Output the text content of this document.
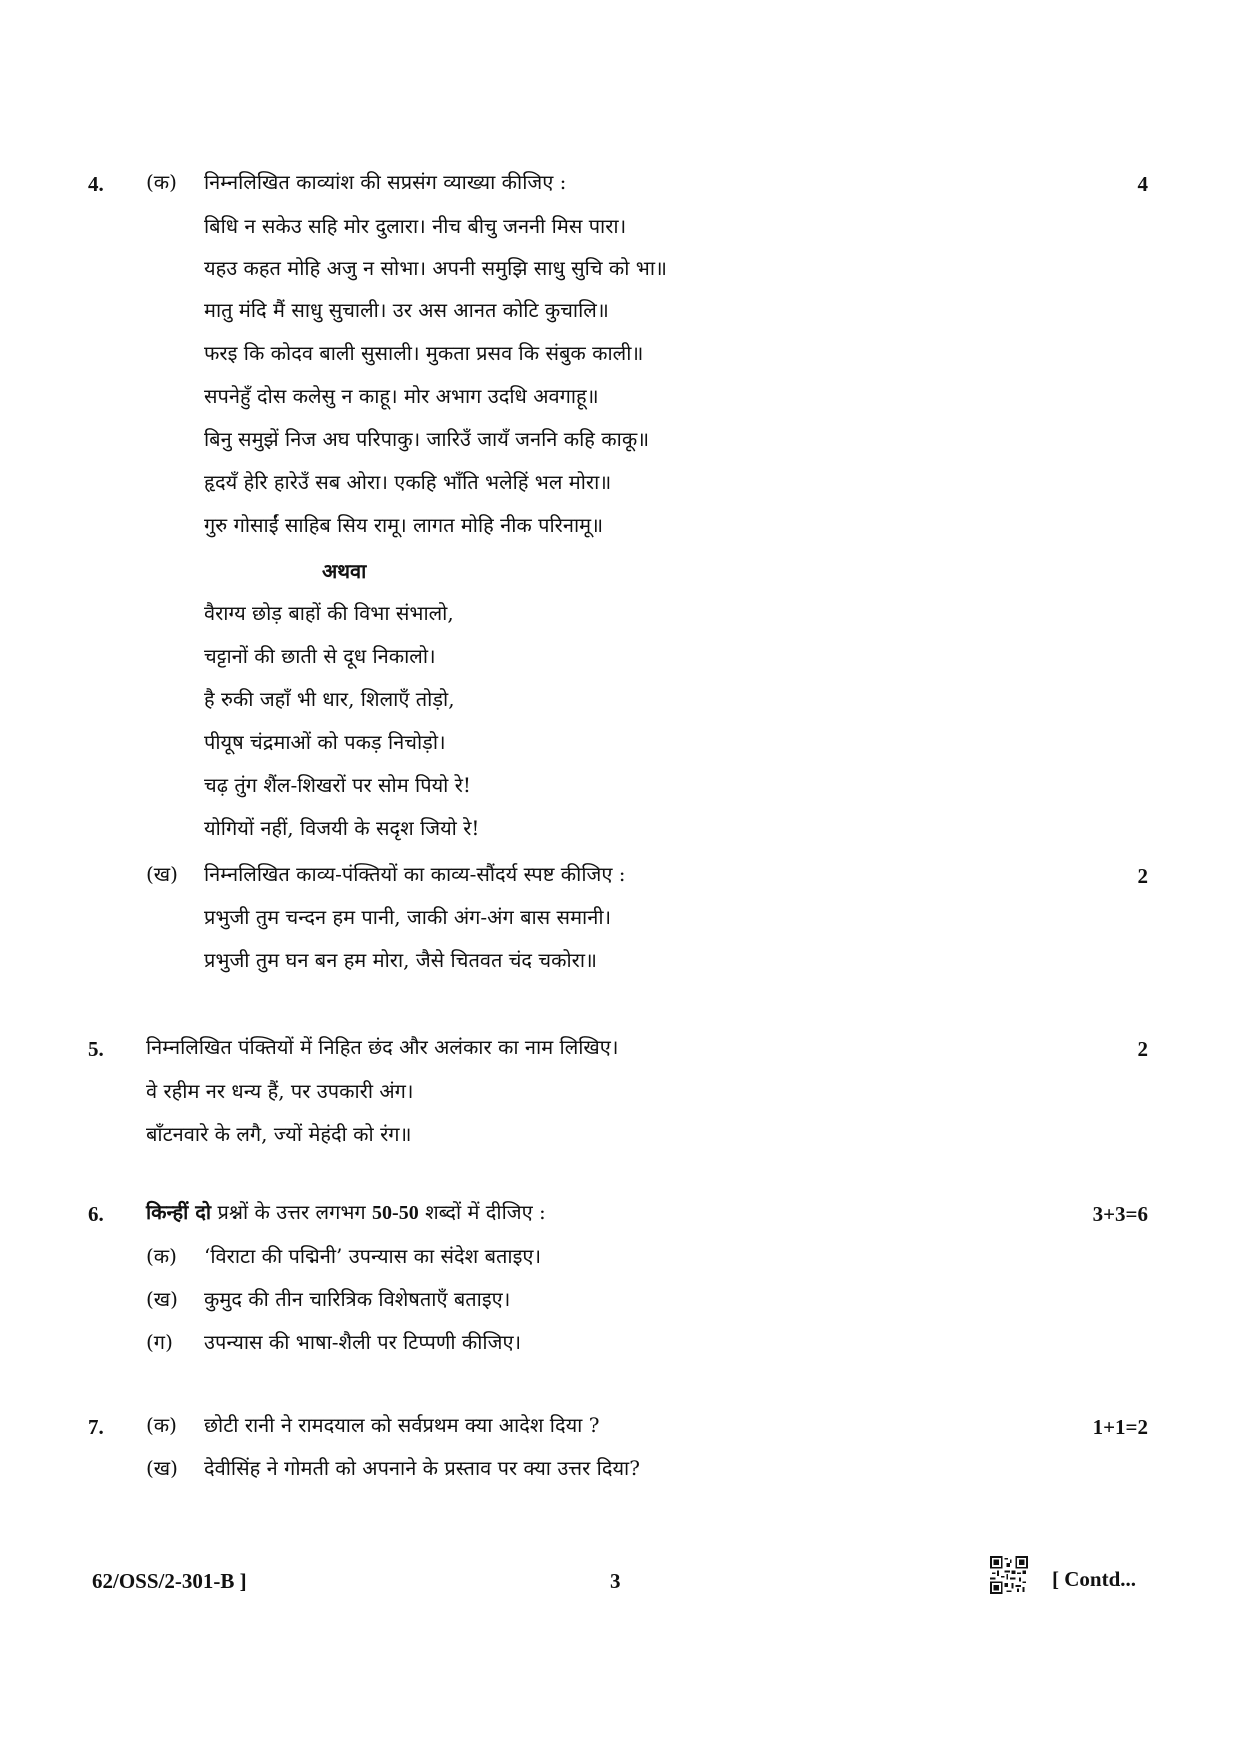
4. (क) निम्नलिखित काव्यांश की सप्रसंग व्याख्या कीजिए :	4
बिधि न सकेउ सहि मोर दुलारा। नीच बीचु जननी मिस पारा।
यहउ कहत मोहि अजु न सोभा। अपनी समुझि साधु सुचि को भा॥
मातु मंदि मैं साधु सुचाली। उर अस आनत कोटि कुचालि॥
फरइ कि कोदव बाली सुसाली। मुकता प्रसव कि संबुक काली॥
सपनेहुँ दोस कलेसु न काहू। मोर अभाग उदधि अवगाहू॥
बिनु समुझें निज अघ परिपाकु। जारिउँ जायँ जननि कहि काकू॥
हृदयँ हेरि हारेउँ सब ओरा। एकहि भाँति भलेहिं भल मोरा॥
गुरु गोसाईं साहिब सिय रामू। लागत मोहि नीक परिनामू॥
अथवा
वैराग्य छोड़ बाहों की विभा संभालो,
चट्टानों की छाती से दूध निकालो।
है रुकी जहाँ भी धार, शिलाएँ तोड़ो,
पीयूष चंद्रमाओं को पकड़ निचोड़ो।
चढ़ तुंग शैंल-शिखरों पर सोम पियो रे!
योगियों नहीं, विजयी के सदृश जियो रे!
(ख) निम्नलिखित काव्य-पंक्तियों का काव्य-सौंदर्य स्पष्ट कीजिए :	2
प्रभुजी तुम चन्दन हम पानी, जाकी अंग-अंग बास समानी।
प्रभुजी तुम घन बन हम मोरा, जैसे चितवत चंद चकोरा॥
5. निम्नलिखित पंक्तियों में निहित छंद और अलंकार का नाम लिखिए।	2
वे रहीम नर धन्य हैं, पर उपकारी अंग।
बाँटनवारे के लगै, ज्यों मेहंदी को रंग॥
6. किन्हीं दो प्रश्नों के उत्तर लगभग 50-50 शब्दों में दीजिए :	3+3=6
(क) ‘विराटा की पद्मिनी’ उपन्यास का संदेश बताइए।
(ख) कुमुद की तीन चारित्रिक विशेषताएँ बताइए।
(ग) उपन्यास की भाषा-शैली पर टिप्पणी कीजिए।
7.	1+1=2
(क) छोटी रानी ने रामदयाल को सर्वप्रथम क्या आदेश दिया ?
(ख) देवीसिंह ने गोमती को अपनाने के प्रस्ताव पर क्या उत्तर दिया?
62/OSS/2-301-B ]	3	[ Contd...
